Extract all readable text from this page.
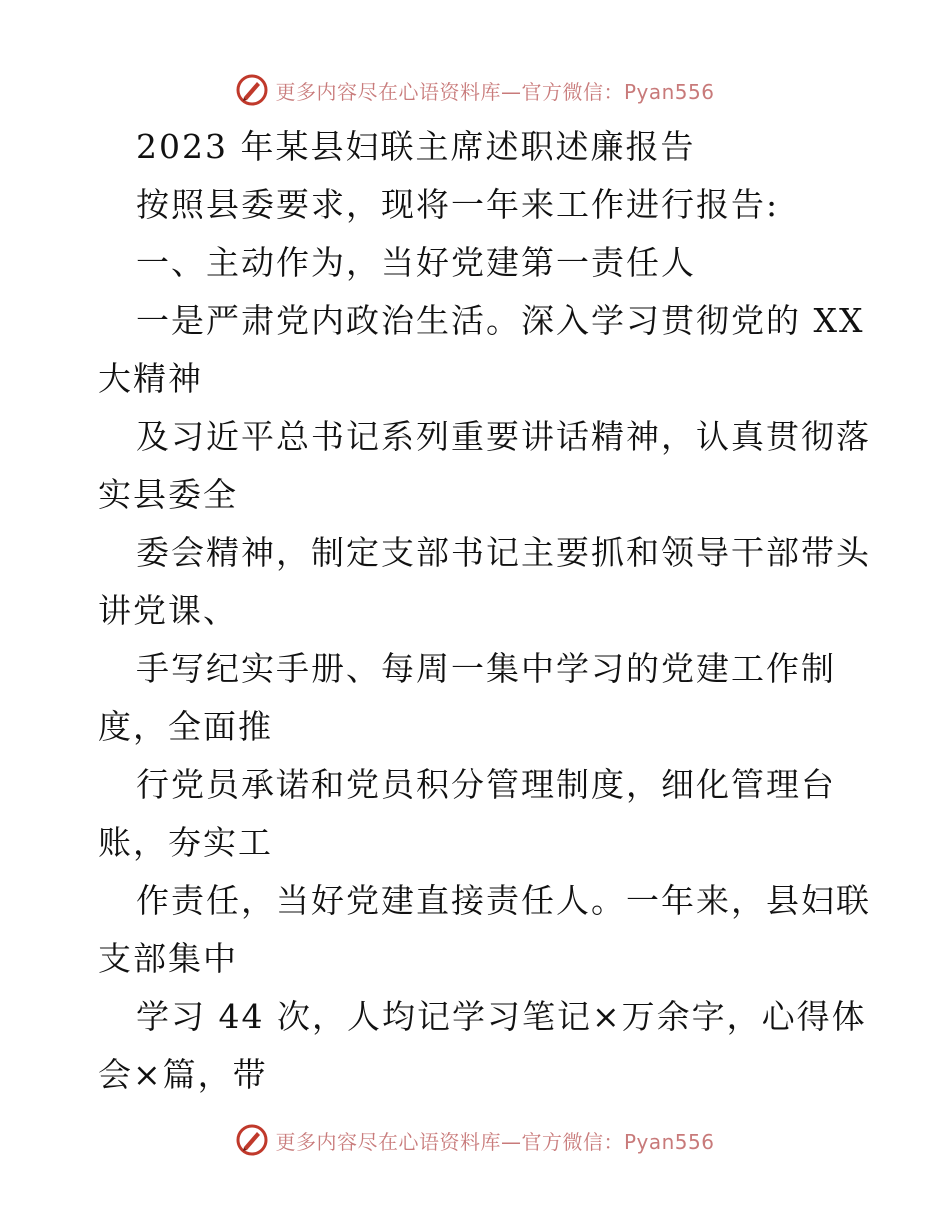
更多内容尽在心语资料库—官方微信：Pyan556
2023 年某县妇联主席述职述廉报告
按照县委要求，现将一年来工作进行报告:
一、主动作为，当好党建第一责任人
一是严肃党内政治生活。深入学习贯彻党的 XX
大精神
及习近平总书记系列重要讲话精神，认真贯彻落
实县委全
委会精神，制定支部书记主要抓和领导干部带头
讲党课、
手写纪实手册、每周一集中学习的党建工作制
度，全面推
行党员承诺和党员积分管理制度，细化管理台
账，夯实工
作责任，当好党建直接责任人。一年来，县妇联
支部集中
学习 44 次，人均记学习笔记×万余字，心得体
会×篇，带
更多内容尽在心语资料库—官方微信：Pyan556
